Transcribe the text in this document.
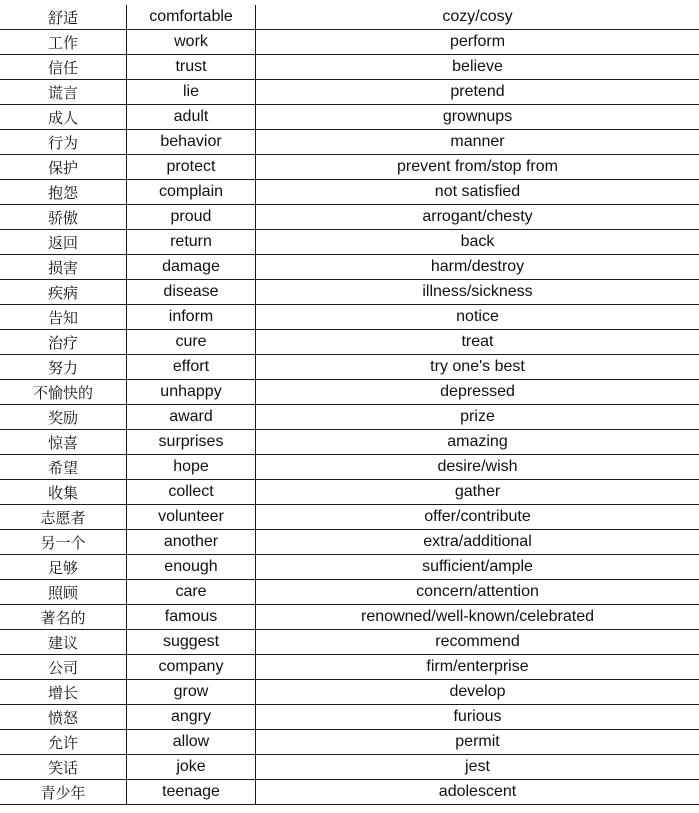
舒适	comfortable	cozy/cosy
工作	work	perform
信任	trust	believe
谎言	lie	pretend
成人	adult	grownups
行为	behavior	manner
保护	protect	prevent from/stop from
抱怨	complain	not satisfied
骄傲	proud	arrogant/chesty
返回	return	back
损害	damage	harm/destroy
疾病	disease	illness/sickness
告知	inform	notice
治疗	cure	treat
努力	effort	try one's best
不愉快的	unhappy	depressed
奖励	award	prize
惊喜	surprises	amazing
希望	hope	desire/wish
收集	collect	gather
志愿者	volunteer	offer/contribute
另一个	another	extra/additional
足够	enough	sufficient/ample
照顾	care	concern/attention
著名的	famous	renowned/well-known/celebrated
建议	suggest	recommend
公司	company	firm/enterprise
增长	grow	develop
愤怒	angry	furious
允许	allow	permit
笑话	joke	jest
青少年	teenage	adolescent
